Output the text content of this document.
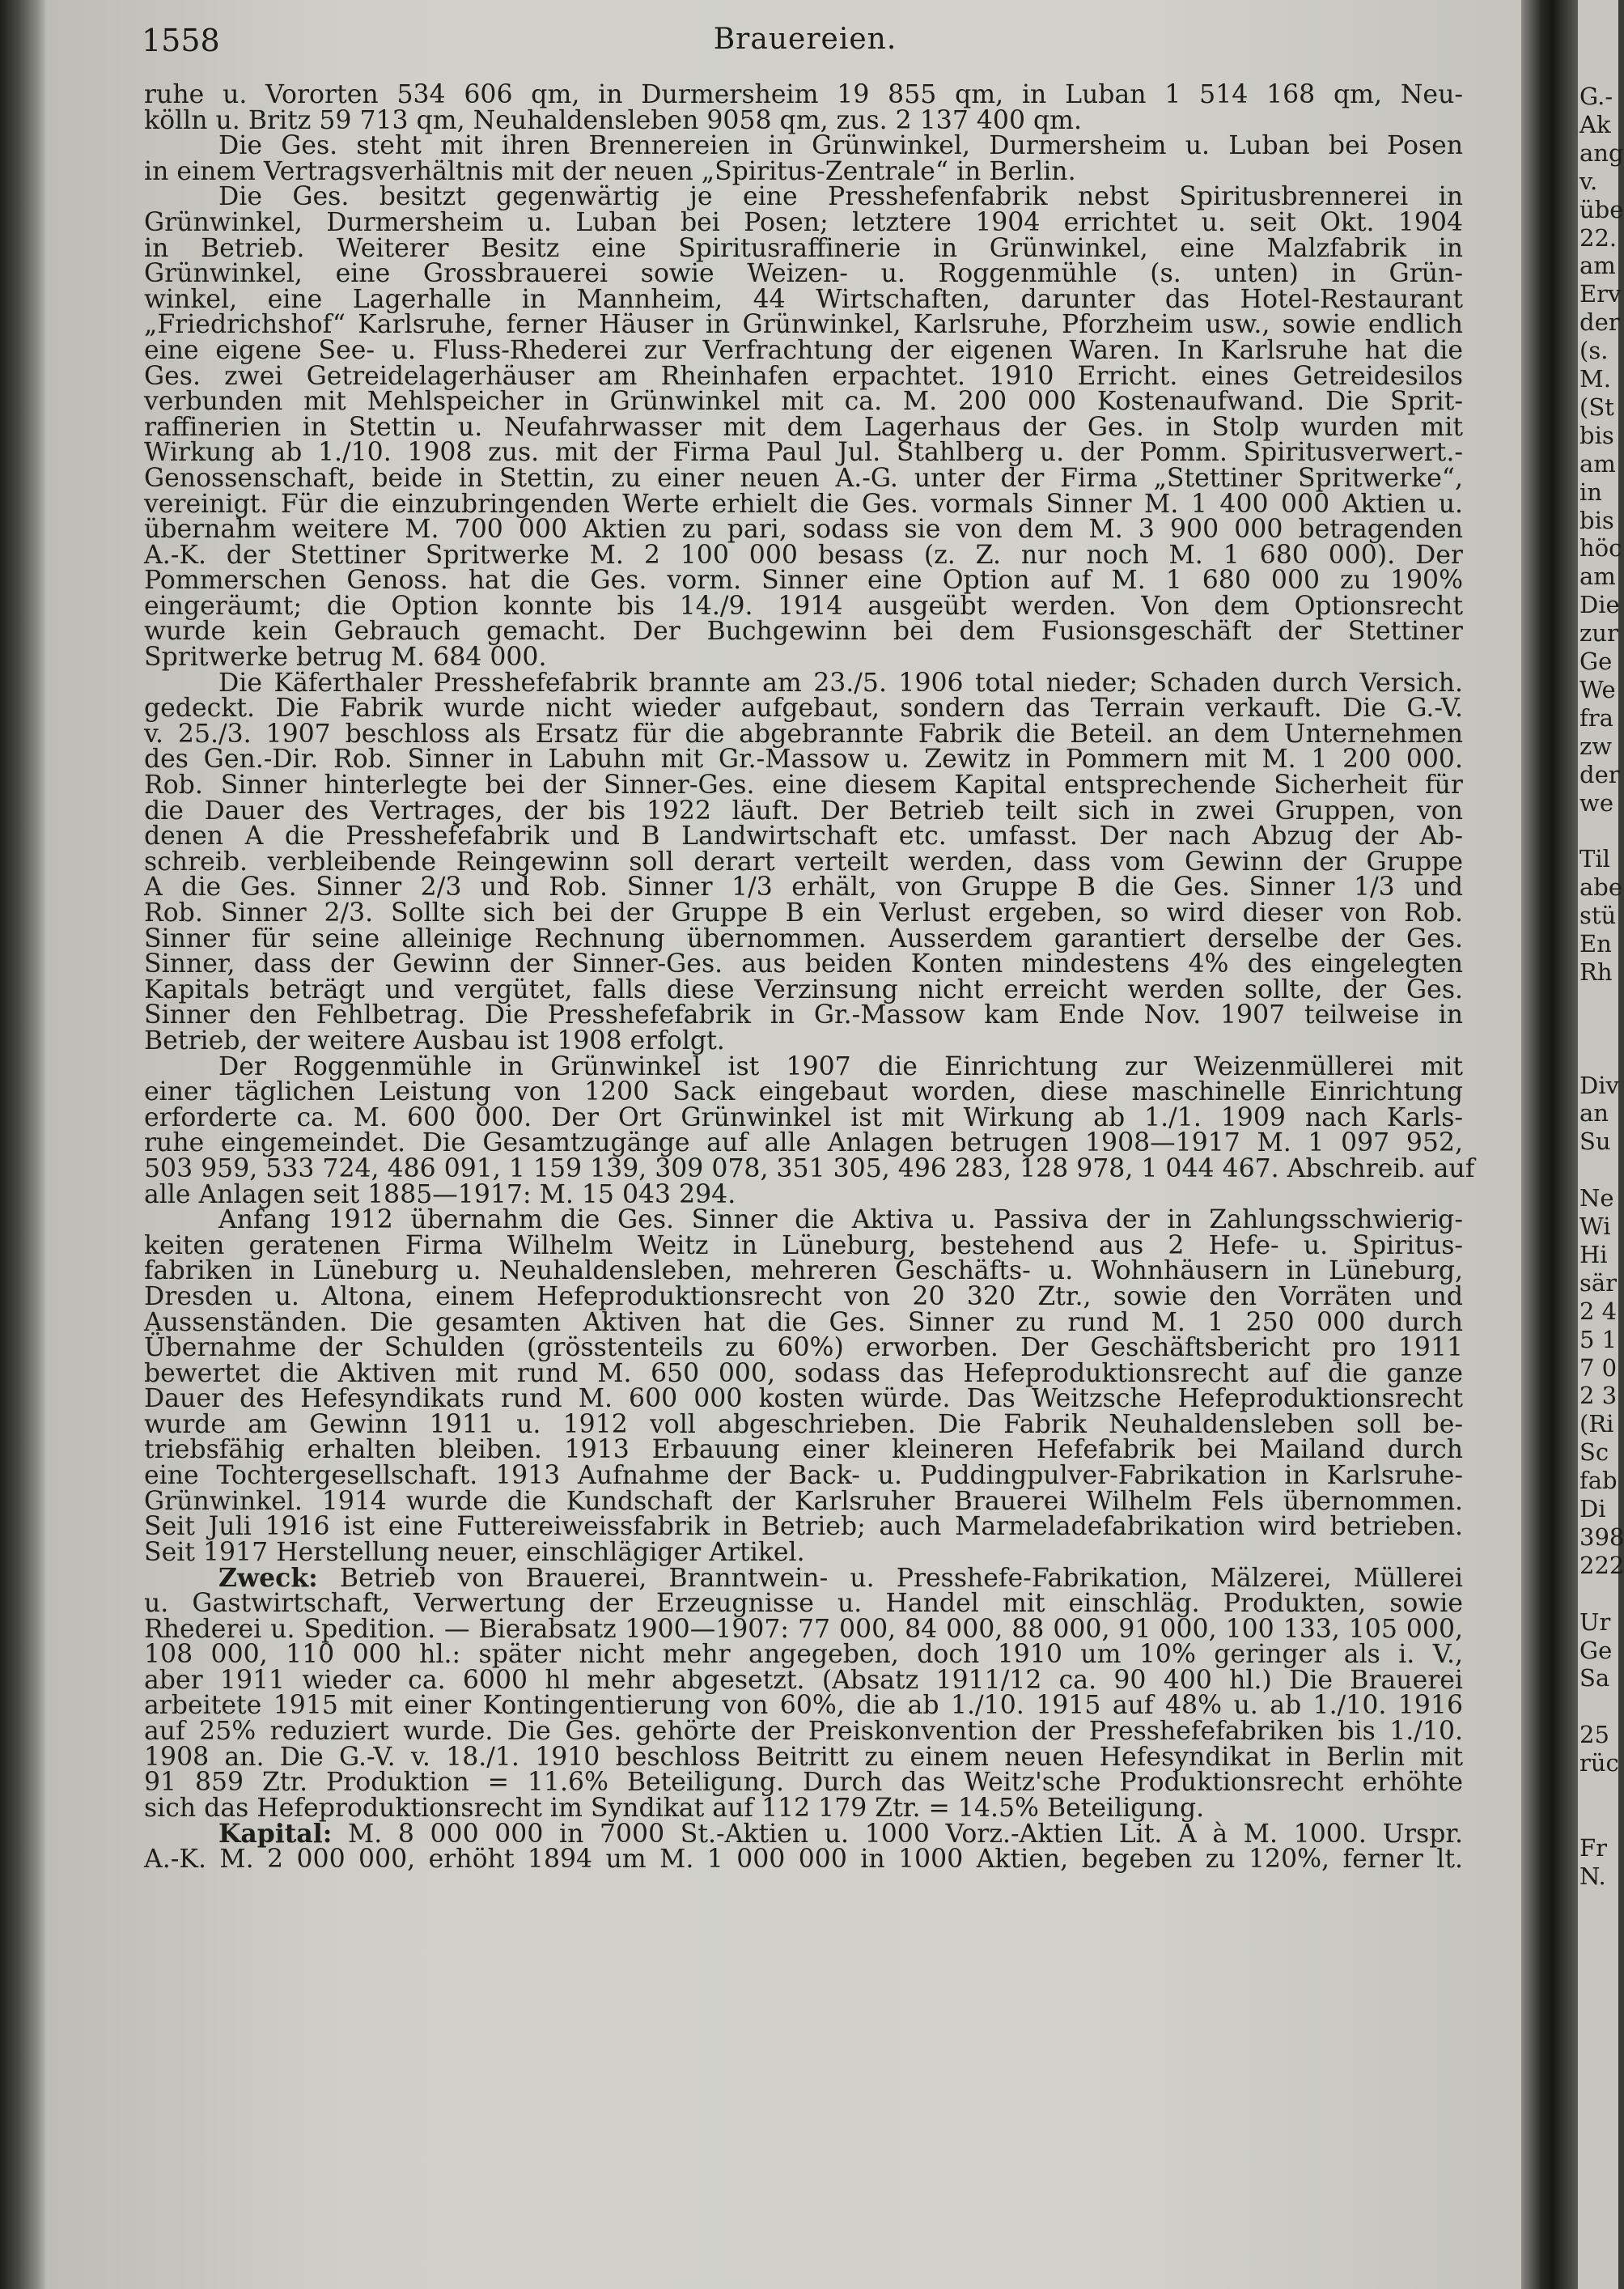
1558	Brauereien.
ruhe u. Vororten 534 606 qm, in Durmersheim 19 855 qm, in Luban 1 514 168 qm, Neu-
kölln u. Britz 59 713 qm, Neuhaldensleben 9058 qm, zus. 2 137 400 qm.
Die Ges. steht mit ihren Brennereien in Grünwinkel, Durmersheim u. Luban bei Posen
in einem Vertragsverhältnis mit der neuen „Spiritus-Zentrale“ in Berlin.
Die Ges. besitzt gegenwärtig je eine Presshefenfabrik nebst Spiritusbrennerei in
Grünwinkel, Durmersheim u. Luban bei Posen; letztere 1904 errichtet u. seit Okt. 1904
in Betrieb. Weiterer Besitz eine Spiritusraffinerie in Grünwinkel, eine Malzfabrik in
Grünwinkel, eine Grossbrauerei sowie Weizen- u. Roggenmühle (s. unten) in Grün-
winkel, eine Lagerhalle in Mannheim, 44 Wirtschaften, darunter das Hotel-Restaurant
„Friedrichshof“ Karlsruhe, ferner Häuser in Grünwinkel, Karlsruhe, Pforzheim usw., sowie endlich
eine eigene See- u. Fluss-Rhederei zur Verfrachtung der eigenen Waren. In Karlsruhe hat die
Ges. zwei Getreidelagerhäuser am Rheinhafen erpachtet. 1910 Erricht. eines Getreidesilos
verbunden mit Mehlspeicher in Grünwinkel mit ca. M. 200 000 Kostenaufwand. Die Sprit-
raffinerien in Stettin u. Neufahrwasser mit dem Lagerhaus der Ges. in Stolp wurden mit
Wirkung ab 1./10. 1908 zus. mit der Firma Paul Jul. Stahlberg u. der Pomm. Spiritusverwert.-
Genossenschaft, beide in Stettin, zu einer neuen A.-G. unter der Firma „Stettiner Spritwerke“,
vereinigt. Für die einzubringenden Werte erhielt die Ges. vormals Sinner M. 1 400 000 Aktien u.
übernahm weitere M. 700 000 Aktien zu pari, sodass sie von dem M. 3 900 000 betragenden
A.-K. der Stettiner Spritwerke M. 2 100 000 besass (z. Z. nur noch M. 1 680 000). Der
Pommerschen Genoss. hat die Ges. vorm. Sinner eine Option auf M. 1 680 000 zu 190%
eingeräumt; die Option konnte bis 14./9. 1914 ausgeübt werden. Von dem Optionsrecht
wurde kein Gebrauch gemacht. Der Buchgewinn bei dem Fusionsgeschäft der Stettiner
Spritwerke betrug M. 684 000.
Die Käferthaler Presshefefabrik brannte am 23./5. 1906 total nieder; Schaden durch Versich.
gedeckt. Die Fabrik wurde nicht wieder aufgebaut, sondern das Terrain verkauft. Die G.-V.
v. 25./3. 1907 beschloss als Ersatz für die abgebrannte Fabrik die Beteil. an dem Unternehmen
des Gen.-Dir. Rob. Sinner in Labuhn mit Gr.-Massow u. Zewitz in Pommern mit M. 1 200 000.
Rob. Sinner hinterlegte bei der Sinner-Ges. eine diesem Kapital entsprechende Sicherheit für
die Dauer des Vertrages, der bis 1922 läuft. Der Betrieb teilt sich in zwei Gruppen, von
denen A die Presshefefabrik und B Landwirtschaft etc. umfasst. Der nach Abzug der Ab-
schreib. verbleibende Reingewinn soll derart verteilt werden, dass vom Gewinn der Gruppe
A die Ges. Sinner 2/3 und Rob. Sinner 1/3 erhält, von Gruppe B die Ges. Sinner 1/3 und
Rob. Sinner 2/3. Sollte sich bei der Gruppe B ein Verlust ergeben, so wird dieser von Rob.
Sinner für seine alleinige Rechnung übernommen. Ausserdem garantiert derselbe der Ges.
Sinner, dass der Gewinn der Sinner-Ges. aus beiden Konten mindestens 4% des eingelegten
Kapitals beträgt und vergütet, falls diese Verzinsung nicht erreicht werden sollte, der Ges.
Sinner den Fehlbetrag. Die Presshefefabrik in Gr.-Massow kam Ende Nov. 1907 teilweise in
Betrieb, der weitere Ausbau ist 1908 erfolgt.
Der Roggenmühle in Grünwinkel ist 1907 die Einrichtung zur Weizenmüllerei mit
einer täglichen Leistung von 1200 Sack eingebaut worden, diese maschinelle Einrichtung
erforderte ca. M. 600 000. Der Ort Grünwinkel ist mit Wirkung ab 1./1. 1909 nach Karls-
ruhe eingemeindet. Die Gesamtzugänge auf alle Anlagen betrugen 1908—1917 M. 1 097 952,
503 959, 533 724, 486 091, 1 159 139, 309 078, 351 305, 496 283, 128 978, 1 044 467. Abschreib. auf
alle Anlagen seit 1885—1917: M. 15 043 294.
Anfang 1912 übernahm die Ges. Sinner die Aktiva u. Passiva der in Zahlungsschwierig-
keiten geratenen Firma Wilhelm Weitz in Lüneburg, bestehend aus 2 Hefe- u. Spiritus-
fabriken in Lüneburg u. Neuhaldensleben, mehreren Geschäfts- u. Wohnhäusern in Lüneburg,
Dresden u. Altona, einem Hefeproduktionsrecht von 20 320 Ztr., sowie den Vorräten und
Aussenständen. Die gesamten Aktiven hat die Ges. Sinner zu rund M. 1 250 000 durch
Übernahme der Schulden (grösstenteils zu 60%) erworben. Der Geschäftsbericht pro 1911
bewertet die Aktiven mit rund M. 650 000, sodass das Hefeproduktionsrecht auf die ganze
Dauer des Hefesyndikats rund M. 600 000 kosten würde. Das Weitzsche Hefeproduktionsrecht
wurde am Gewinn 1911 u. 1912 voll abgeschrieben. Die Fabrik Neuhaldensleben soll be-
triebsfähig erhalten bleiben. 1913 Erbauung einer kleineren Hefefabrik bei Mailand durch
eine Tochtergesellschaft. 1913 Aufnahme der Back- u. Puddingpulver-Fabrikation in Karlsruhe-
Grünwinkel. 1914 wurde die Kundschaft der Karlsruher Brauerei Wilhelm Fels übernommen.
Seit Juli 1916 ist eine Futtereiweissfabrik in Betrieb; auch Marmeladefabrikation wird betrieben.
Seit 1917 Herstellung neuer, einschlägiger Artikel.
Zweck: Betrieb von Brauerei, Branntwein- u. Presshefe-Fabrikation, Mälzerei, Müllerei
u. Gastwirtschaft, Verwertung der Erzeugnisse u. Handel mit einschläg. Produkten, sowie
Rhederei u. Spedition. — Bierabsatz 1900—1907: 77 000, 84 000, 88 000, 91 000, 100 133, 105 000,
108 000, 110 000 hl.: später nicht mehr angegeben, doch 1910 um 10% geringer als i. V.,
aber 1911 wieder ca. 6000 hl mehr abgesetzt. (Absatz 1911/12 ca. 90 400 hl.) Die Brauerei
arbeitete 1915 mit einer Kontingentierung von 60%, die ab 1./10. 1915 auf 48% u. ab 1./10. 1916
auf 25% reduziert wurde. Die Ges. gehörte der Preiskonvention der Presshefefabriken bis 1./10.
1908 an. Die G.-V. v. 18./1. 1910 beschloss Beitritt zu einem neuen Hefesyndikat in Berlin mit
91 859 Ztr. Produktion = 11.6% Beteiligung. Durch das Weitz'sche Produktionsrecht erhöhte
sich das Hefeproduktionsrecht im Syndikat auf 112 179 Ztr. = 14.5% Beteiligung.
Kapital: M. 8 000 000 in 7000 St.-Aktien u. 1000 Vorz.-Aktien Lit. A à M. 1000. Urspr.
A.-K. M. 2 000 000, erhöht 1894 um M. 1 000 000 in 1000 Aktien, begeben zu 120%, ferner lt.
G.-
Ak
ang
v.
übe
22.
am
Erv
der
(s.
M.
(St
bis
am
in
bis
höc
am
Die
zur
Ge
We
fra
zw
der
we
Til
abe
stü
En
Rh
Div
an
Su
Ne
Wi
Hi
sär
2 4
5 1
7 0
2 3
(Ri
Sc
fab
Di
398
222
Ur
Ge
Sa
25
rüc
Fr
N.
